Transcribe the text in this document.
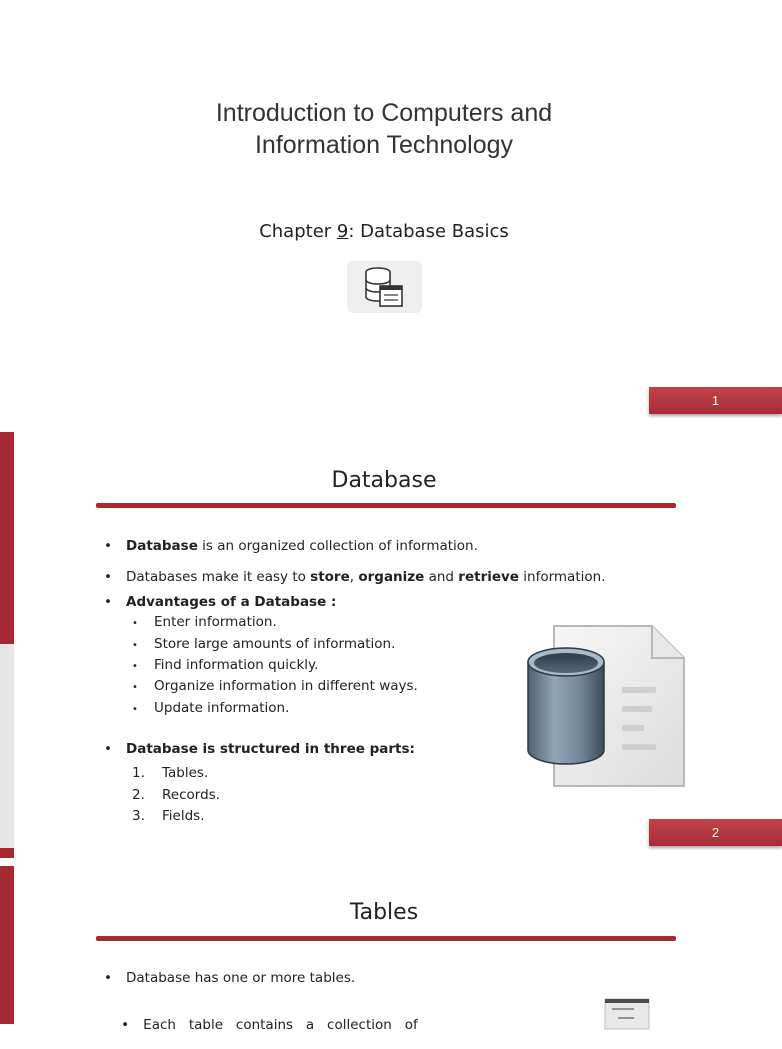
Introduction to Computers and
Information Technology
Chapter 9: Database Basics
1
Database
• Database is an organized collection of information.
• Databases make it easy to store, organize and retrieve information.
• Advantages of a Database :
• Enter information.
• Store large amounts of information.
• Find information quickly.
• Organize information in different ways.
• Update information.
• Database is structured in three parts:
1. Tables.
2. Records.
3. Fields.
2
Tables
• Database has one or more tables.

• Each   table   contains   a   collection   of
